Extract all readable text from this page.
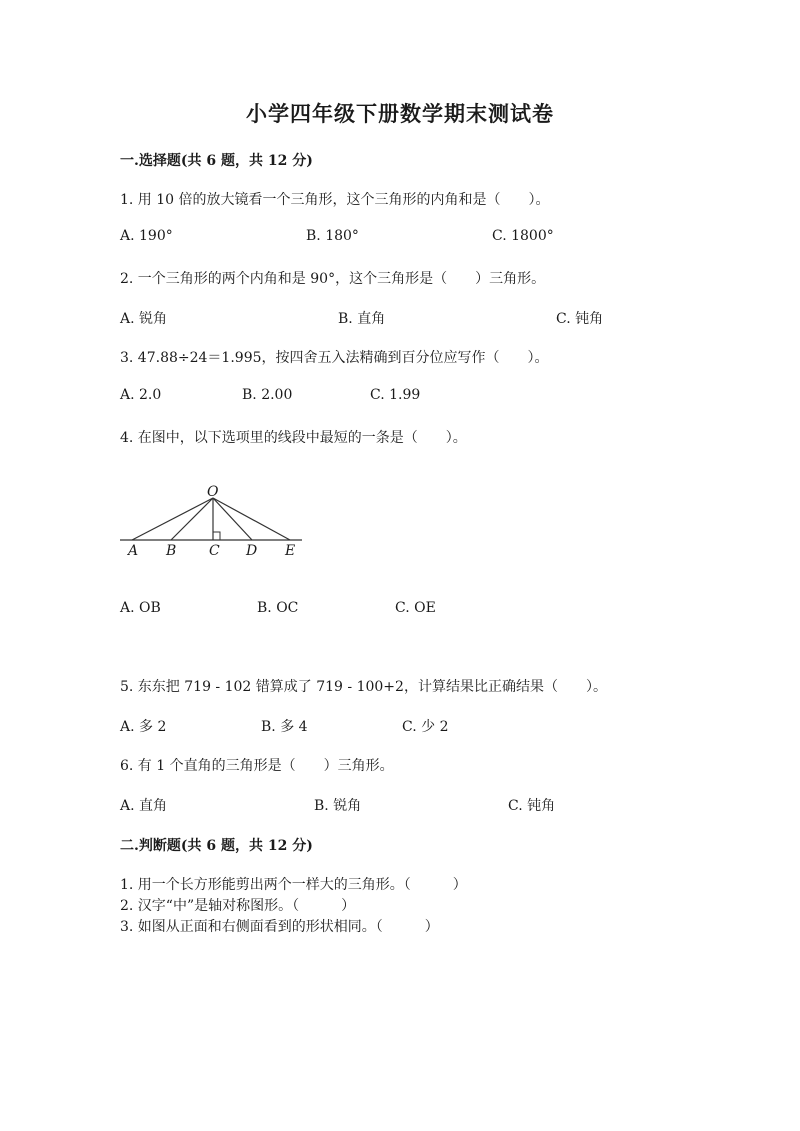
小学四年级下册数学期末测试卷
一.选择题(共 6 题，共 12 分)
1. 用 10 倍的放大镜看一个三角形，这个三角形的内角和是（　　）。
A. 190°	B. 180°	C. 1800°
2. 一个三角形的两个内角和是 90°，这个三角形是（　　）三角形。
A. 锐角	B. 直角	C. 钝角
3. 47.88÷24＝1.995，按四舍五入法精确到百分位应写作（　　）。
A. 2.0	B. 2.00	C. 1.99
4. 在图中，以下选项里的线段中最短的一条是（　　）。
O
A B C D E
A. OB	B. OC	C. OE
5. 东东把 719 - 102 错算成了 719 - 100+2，计算结果比正确结果（　　）。
A. 多 2	B. 多 4	C. 少 2
6. 有 1 个直角的三角形是（　　）三角形。
A. 直角	B. 锐角	C. 钝角
二.判断题(共 6 题，共 12 分)
1. 用一个长方形能剪出两个一样大的三角形。（　　　）
2. 汉字“中”是轴对称图形。（　　　）
3. 如图从正面和右侧面看到的形状相同。（　　　）
